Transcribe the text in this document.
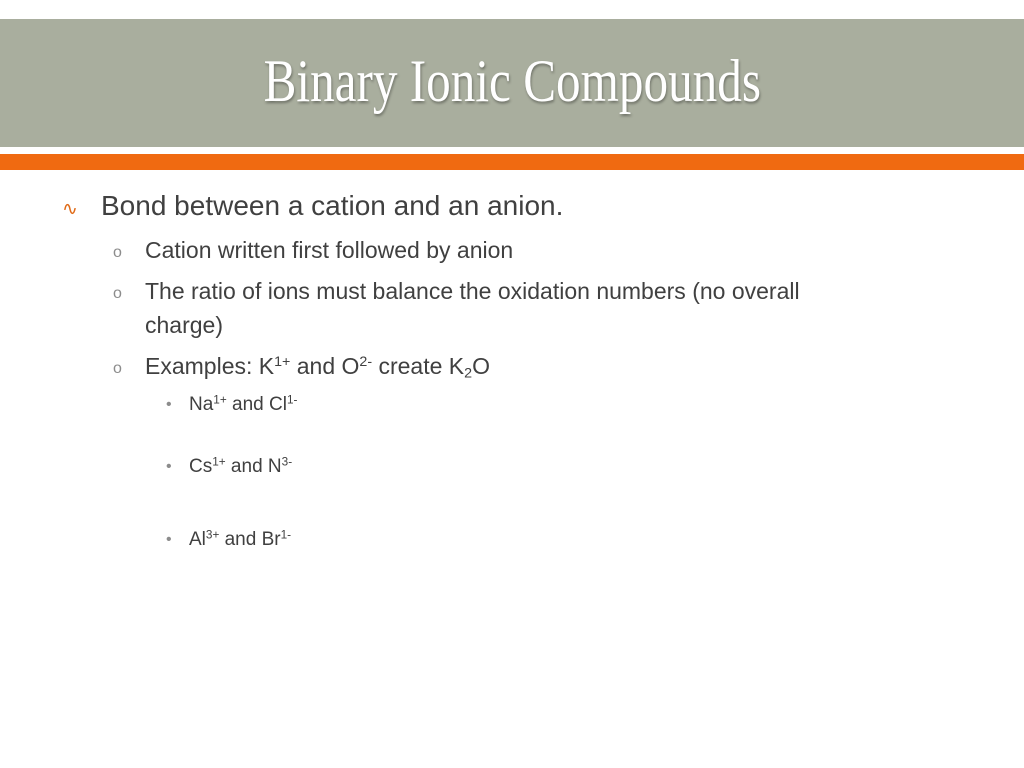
Binary Ionic Compounds
∿ Bond between a cation and an anion.
o Cation written first followed by anion
o The ratio of ions must balance the oxidation numbers (no overall
charge)
o Examples: $K^{1+}$ and $O^{2-}$ create $K_2O$
• $Na^{1+}$ and $Cl^{1-}$
• $Cs^{1+}$ and $N^{3-}$
• $Al^{3+}$ and $Br^{1-}$
